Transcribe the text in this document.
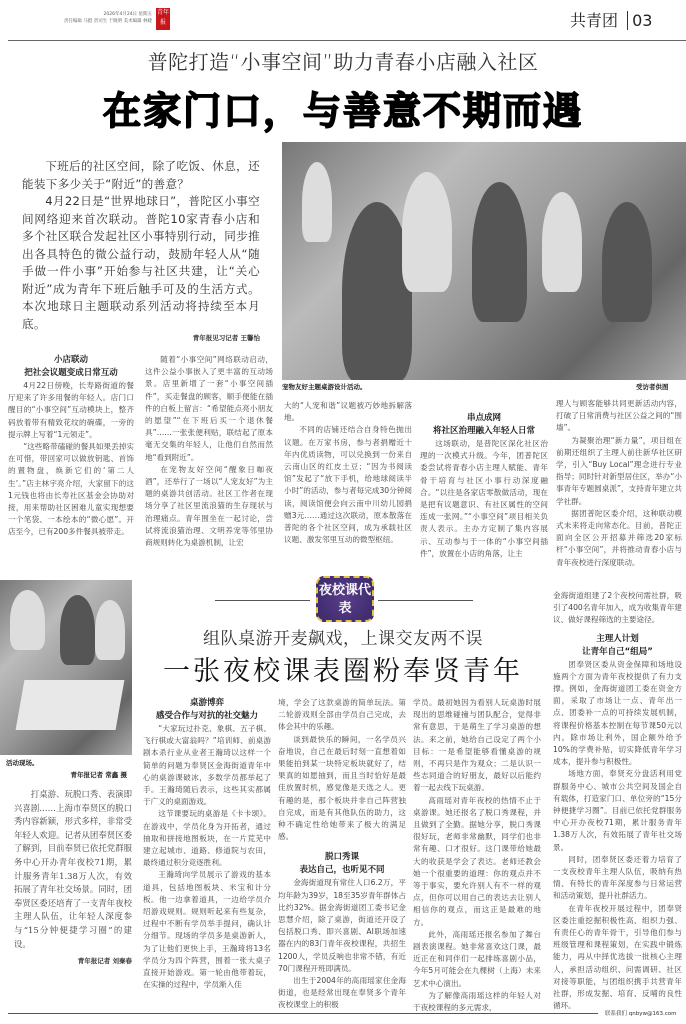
2026年4月24日 星期五
责任编辑 马挺 责司生 于晓明 美术编辑 林婕
青年报	共青团 03
普陀打造“小事空间”助力青春小店融入社区
在家门口，与善意不期而遇

下班后的社区空间，除了吃饭、休息，还能装下多少关于“附近”的善意？

4月22日是“世界地球日”，普陀区小事空间网络迎来首次联动。普陀10家青春小店和多个社区联合发起社区小事特别行动，同步推出各具特色的微公益行动，鼓励年轻人从“随手做一件小事”开始参与社区共建，让“关心附近”成为青年下班后触手可及的生活方式。本次地球日主题联动系列活动将持续至本月底。

青年报见习记者 王馨怡
宠物友好主题桌游设计活动。	受访者供图
小店联动
把社会议题变成日常互动

4月22日傍晚，长寿路街道的餐厅迎来了许多用餐的年轻人。店门口醒目的“小事空间”互动模块上，整齐码放着带有精致花纹的碗碟，一旁的提示牌上写着“1元领走”。

“这些略带磕碰的餐具如果丢掉实在可惜，带回家可以做放钥匙、首饰的置物盘，焕新它们的‘第二人生’。”店主林宇亮介绍，大家留下的这1元钱也将由长寿社区基金会协助对接，用来帮助社区困难儿童实现想要一个笔袋、一本绘本的“微心愿”。开店至今，已有200多件餐具被带走。

随着“小事空间”网络联动启动，这件公益小事嵌入了更丰富的互动场景。店里新增了一套“小事空间插件”，买走餐盘的顾客，顺手便能在插件的白板上留言：“希望能点亮小朋友的愿望”“在下班后买一个退休餐具”……一张张便利贴，联结起了原本毫无交集的年轻人，让他们自然而然地“看到附近”。

在宠物友好空间“醒象日咖夜酒”，还举行了一场以“人宠友好”为主题的桌游共创活动。社区工作者在现场分享了社区里流浪猫的生存现状与治理痛点。青年围坐在一起讨论，尝试将流浪猫治理、文明养宠等邻里协商规则转化为桌游机制，让宏

大的“人宠和谐”议题被巧妙地拆解落地。

不同的店铺还结合自身特色抛出议题。在万家书房，参与者捐赠近十年内优质读物，可以兑换到一份来自云南山区的红皮土豆；“因为书阅读馆”发起了“放下手机，给地球阅读半小时”的活动，参与者每完成30分钟阅读，阅读馆便会向云南中川幼儿园捐赠3元……通过这次联动，原本散落在普陀的各个社区空间，成为承载社区议题、激发邻里互动的微型枢纽。

串点成网
将社区治理融入年轻人日常

这场联动，是普陀区深化社区治理的一次模式升级。今年，团普陀区委尝试将青春小店主理人赋能、青年骨干培育与社区小事行动深度融合。“以往是各家店零散做活动，现在是把有议题意识、有社区属性的空间连成一张网。”“小事空间”项目相关负责人表示。主办方定制了集内容展示、互动参与于一体的“小事空间插件”，放置在小店的角落，让主

理人与顾客能够共同更新活动内容，打破了日常消费与社区公益之间的“围墙”。

为凝聚治理“新力量”，项目组在前期还组织了主理人前往新华社区研学，引入“Buy Local”理念进行专业指导；同时针对新型居住区，举办“小事青年专题圆桌派”，支持青年建立共学社群。

据团普陀区委介绍，这种联动模式未来将走向常态化。目前，普陀正面向全区公开招募并筛选20家标杆“小事空间”，并将推动青春小店与青年夜校进行深度联动。

活动现场。
青年报记者 常鑫 摄
夜校课代表
组队桌游开麦飙戏，上课交友两不误
一张夜校课表圈粉奉贤青年

打桌游、玩脱口秀、表演即兴喜剧……上海市奉贤区的脱口秀内容新颖，形式多样，非常受年轻人欢迎。记者从团奉贤区委了解到，目前奉贤已依托党群服务中心开办青年夜校71期，累计服务青年1.38万人次，有效拓展了青年社交场景。同时，团奉贤区委还培育了一支青年夜校主理人队伍，让年轻人深度参与“15分钟便捷学习圈”的建设。

青年报记者 刘秦春
桌游博弈
感受合作与对抗的社交魅力

“大家玩过扑克、象棋、五子棋、飞行棋或大富翁吗？”培训师、前桌游剧本杀行业从业者王瀚琦以这样一个简单的问题为奉贤区金海街道青年中心的桌游课破冰，多数学员都举起了手。王瀚琦随后表示，这些其实都属于广义的桌面游戏。

这节课要玩的桌游是《卡卡颂》。在游戏中，学员化身为开拓者，通过抽取和拼接地图板块，在一片荒芜中建立起城市、道路、修道院与农田，最终通过积分竞逐胜利。

王瀚琦向学员展示了游戏的基本道具，包括地图板块、米宝和计分板。他一边拿着道具，一边给学员介绍游戏规则。规则听起来有些复杂，过程中不断有学员举手提问，确认计分细节。现场的学员多是桌游新人，为了让他们更快上手，王瀚琦将13名学员分为四个阵营，围着一张大桌子直接开始游戏。第一轮由他带着玩，在实操的过程中，学员渐入佳

境，学会了这款桌游的简单玩法。第二轮游戏则全部由学员自己完成，去体会其中的乐趣。

谈到最快乐的瞬间，一名学员兴奋地说，自己在最后时刻一直想着如果能拍到某一块特定板块就好了，结果真的如愿抽到，而且当时恰好是最佳放置时机，感觉像是天选之人。更有趣的是，那个板块并非自己阵营独自完成，而是有其他队伍的助力，这种不确定性给她带来了极大的满足感。

脱口秀课
表达自己，也听见不同

金海街道现有常住人口6.2万，平均年龄为39岁，18至35岁青年群体占比约32%。据金海街道团工委书记金思慧介绍，除了桌游，街道还开设了包括脱口秀、即兴喜剧、AI职场加速器在内的83门青年夜校课程，共招生1200人，学员反响也非常不错，有近70门课程开班即满员。

出生于2004年的高雨瑶家住金海街道，也是经常出现在奉贤多个青年夜校课堂上的积极

学员。最初她因为看别人玩桌游时展现出的思维碰撞与团队配合，觉得非常有意思，于是萌生了学习桌游的想法。来之前，她给自己设定了两个小目标：一是希望能够看懂桌游的规则，不再只是作为观众；二是认识一些志同道合的好朋友，最好以后能约着一起去线下玩桌游。

高雨瑶对青年夜校的热情不止于桌游课。她还报名了脱口秀课程，并且做到了全勤。据她分享，脱口秀课很好玩，老师非常幽默，同学们也非常有趣、口才很好。这门课带给她最大的收获是学会了表达。老师还教会她一个很重要的道理：你的观点并不等于事实，要允许别人有不一样的观点，但你可以用自己的表达去让别人相信你的观点，而这正是最难的地方。

此外，高雨瑶还报名参加了舞台剧表演课程。她非常喜欢这门课，最近正在和同伴们一起排练喜剧小品，今年5月可能会在九棵树（上海）未来艺术中心演出。

为了解像高雨瑶这样的年轻人对于夜校课程的多元需求，

金海街道组建了2个夜校问需社群，吸引了400名青年加入，成为收集青年建议、做好课程筛选的主要途径。

主理人计划
让青年自己“组局”

团奉贤区委从资金保障和场地设施两个方面为青年夜校提供了有力支撑。例如，金海街道团工委在资金方面，采取了市场让一点、青年出一点、团委补一点的可持续发展机制，将课程价格基本控制在每节课50元以内。除市场让利外，国企额外给予10%的学费补贴，切实降低青年学习成本，提升参与积极性。

场地方面，奉贤充分盘活利用党群服务中心、城市公共空间及国企自有载体，打造家门口、单位旁的“15分钟便捷学习圈”。目前已依托党群服务中心开办夜校71期，累计服务青年1.38万人次，有效拓展了青年社交场景。

同时，团奉贤区委还着力培育了一支夜校青年主理人队伍，吸纳有热情、有特长的青年深度参与日常运营和活动策划，提升社群活力。

在青年夜校开展过程中，团奉贤区委注重挖掘积极性高、组织力强、有责任心的青年骨干，引导他们参与班级管理和课程策划，在实践中锻炼能力，再从中择优选拔一批核心主理人，承担活动组织、问需调研、社区对接等职能，与团组织携手共营青年社群，形成发掘、培育、反哺的良性循环。

联系我们 qnbyw@163.com
